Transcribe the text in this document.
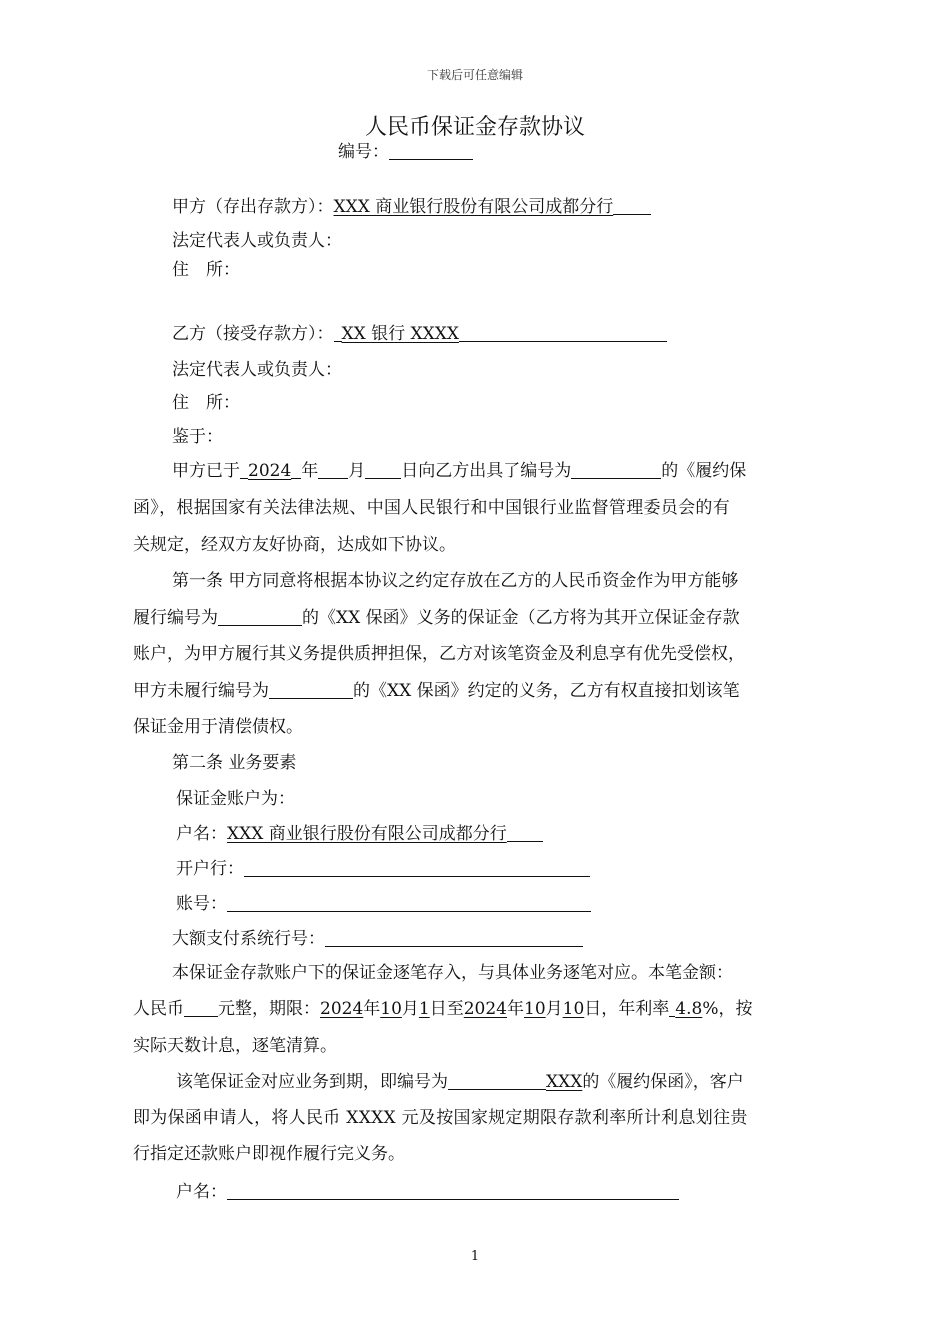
下载后可任意编辑
人民币保证金存款协议
编号：
甲方（存出存款方）：XXX 商业银行股份有限公司成都分行
法定代表人或负责人：
住　所：
乙方（接受存款方）： XX 银行 XXXX
法定代表人或负责人：
住　所：
鉴于：
甲方已于 2024 年 月 日向乙方出具了编号为	的《履约保
函》，根据国家有关法律法规、中国人民银行和中国银行业监督管理委员会的有
关规定，经双方友好协商，达成如下协议。
第一条 甲方同意将根据本协议之约定存放在乙方的人民币资金作为甲方能够
履行编号为	的《XX 保函》义务的保证金（乙方将为其开立保证金存款
账户，为甲方履行其义务提供质押担保，乙方对该笔资金及利息享有优先受偿权，
甲方未履行编号为	的《XX 保函》约定的义务，乙方有权直接扣划该笔
保证金用于清偿债权。
第二条 业务要素
保证金账户为：
户名：XXX 商业银行股份有限公司成都分行
开户行：
账号：
大额支付系统行号：
本保证金存款账户下的保证金逐笔存入，与具体业务逐笔对应。本笔金额：
人民币 元整，期限：2024年10月1日至2024年10月10日，年利率 4.8%，按
实际天数计息，逐笔清算。
该笔保证金对应业务到期，即编号为	XXX的《履约保函》，客户
即为保函申请人，将人民币 XXXX 元及按国家规定期限存款利率所计利息划往贵
行指定还款账户即视作履行完义务。
户名：
1
